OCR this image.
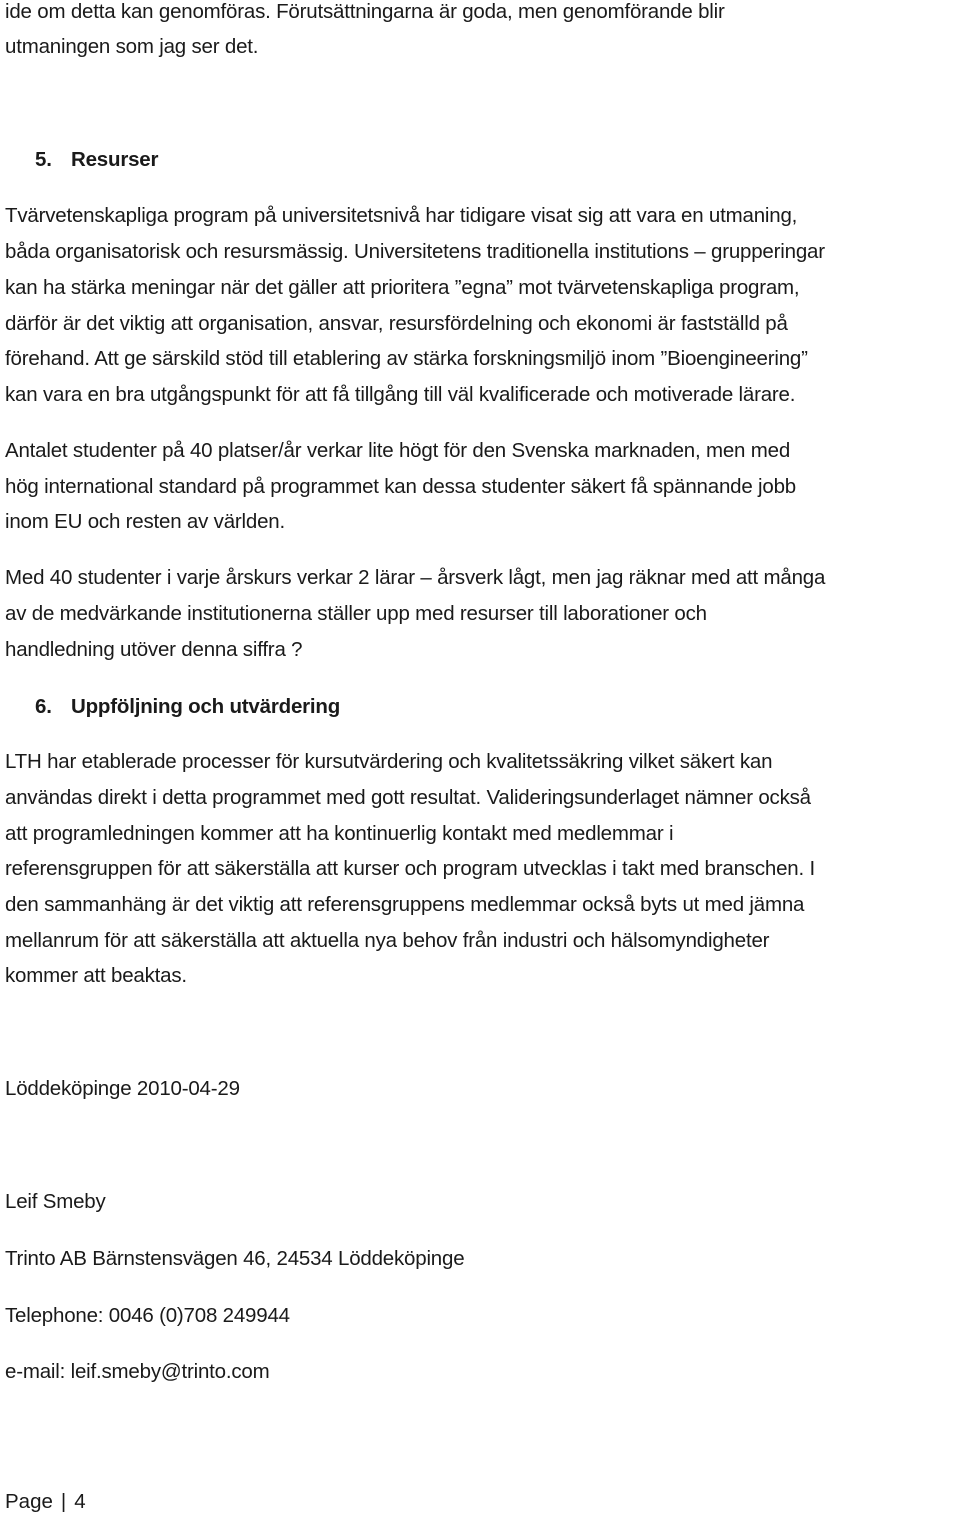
ide om detta kan genomföras. Förutsättningarna är goda, men genomförande blir
utmaningen som jag ser det.
5. Resurser
Tvärvetenskapliga program på universitetsnivå har tidigare visat sig att vara en utmaning,
båda organisatorisk och resursmässig. Universitetens traditionella institutions – grupperingar
kan ha stärka meningar när det gäller att prioritera ”egna” mot tvärvetenskapliga program,
därför är det viktig att organisation, ansvar, resursfördelning och ekonomi är fastställd på
förehand. Att ge särskild stöd till etablering av stärka forskningsmiljö inom ”Bioengineering”
kan vara en bra utgångspunkt för att få tillgång till väl kvalificerade och motiverade lärare.
Antalet studenter på 40 platser/år verkar lite högt för den Svenska marknaden, men med
hög international standard på programmet kan dessa studenter säkert få spännande jobb
inom EU och resten av världen.
Med 40 studenter i varje årskurs verkar 2 lärar – årsverk lågt, men jag räknar med att många
av de medvärkande institutionerna ställer upp med resurser till laborationer och
handledning utöver denna siffra ?
6. Uppföljning och utvärdering
LTH har etablerade processer för kursutvärdering och kvalitetssäkring vilket säkert kan
användas direkt i detta programmet med gott resultat. Valideringsunderlaget nämner också
att programledningen kommer att ha kontinuerlig kontakt med medlemmar i
referensgruppen för att säkerställa att kurser och program utvecklas i takt med branschen. I
den sammanhäng är det viktig att referensgruppens medlemmar också byts ut med jämna
mellanrum för att säkerställa att aktuella nya behov från industri och hälsomyndigheter
kommer att beaktas.
Löddeköpinge 2010-04-29
Leif Smeby
Trinto AB Bärnstensvägen 46, 24534 Löddeköpinge
Telephone: 0046 (0)708 249944
e-mail: leif.smeby@trinto.com
Page | 4
